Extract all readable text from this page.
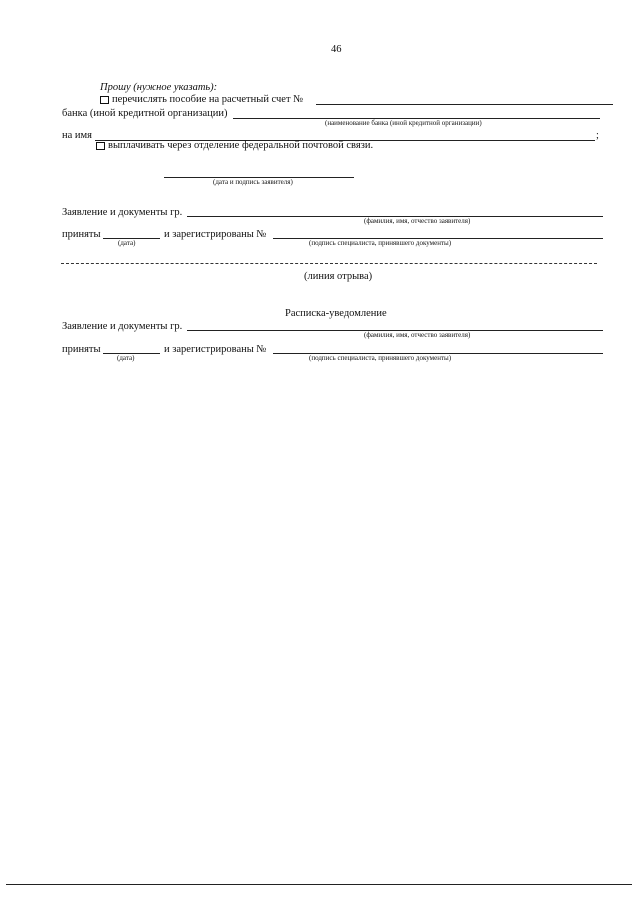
46
Прошу (нужное указать):
перечислять пособие на расчетный счет №
банка (иной кредитной организации)
(наименование банка (иной кредитной организации)
на имя	;
выплачивать через отделение федеральной почтовой связи.
(дата и подпись заявителя)
Заявление и документы гр.
(фамилия, имя, отчество заявителя)
приняты
(дата)
и зарегистрированы №
(подпись специалиста, принявшего документы)
(линия отрыва)
Расписка-уведомление
Заявление и документы гр.
(фамилия, имя, отчество заявителя)
приняты
(дата)
и зарегистрированы №
(подпись специалиста, принявшего документы)
